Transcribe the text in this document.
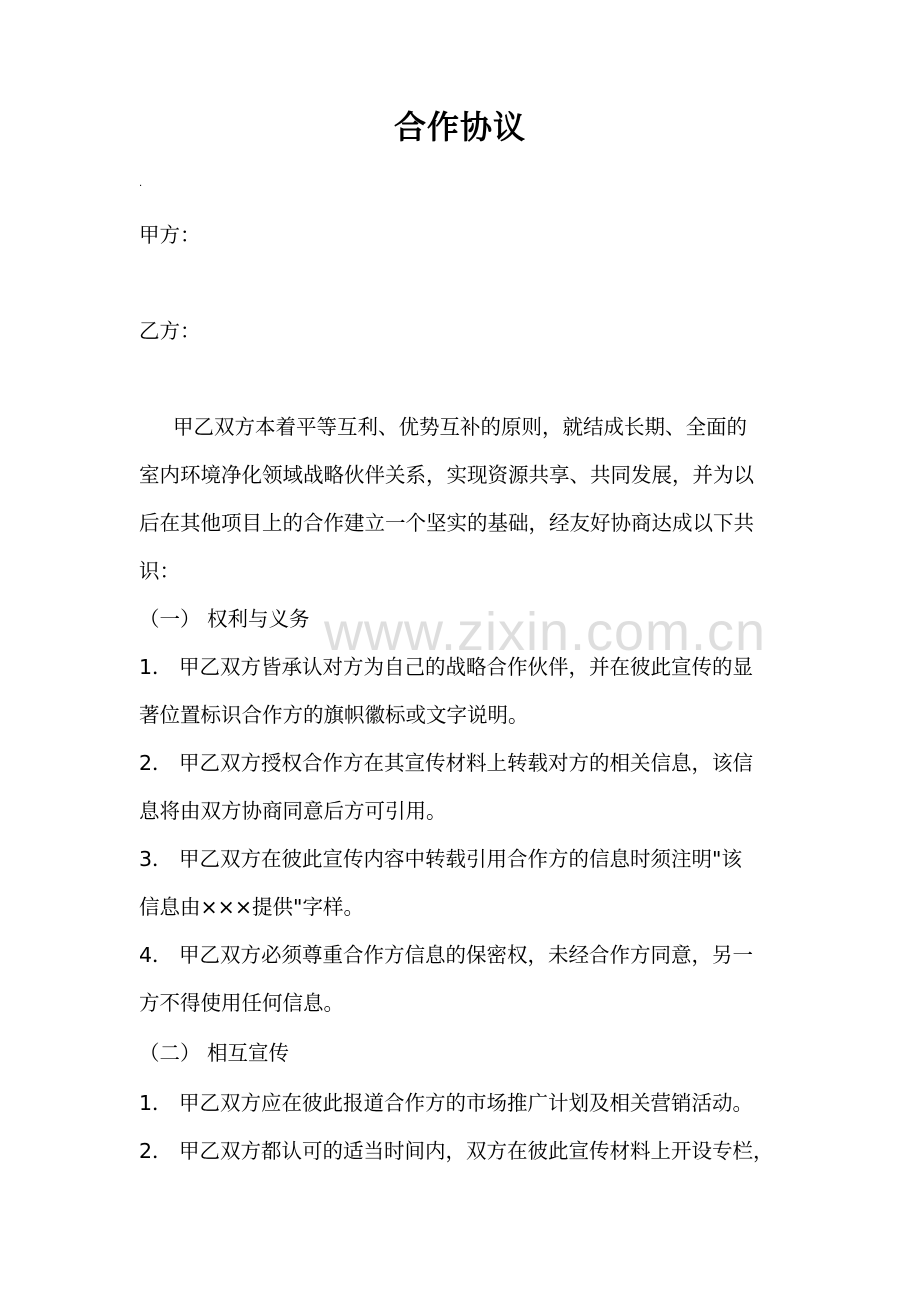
合作协议
.
甲方：
乙方：
甲乙双方本着平等互利、优势互补的原则，就结成长期、全面的
室内环境净化领域战略伙伴关系，实现资源共享、共同发展，并为以
后在其他项目上的合作建立一个坚实的基础，经友好协商达成以下共
识：
（一） 权利与义务
1． 甲乙双方皆承认对方为自己的战略合作伙伴，并在彼此宣传的显
著位置标识合作方的旗帜徽标或文字说明。
2． 甲乙双方授权合作方在其宣传材料上转载对方的相关信息，该信
息将由双方协商同意后方可引用。
3． 甲乙双方在彼此宣传内容中转载引用合作方的信息时须注明"该
信息由×××提供"字样。
4． 甲乙双方必须尊重合作方信息的保密权，未经合作方同意，另一
方不得使用任何信息。
（二） 相互宣传
1． 甲乙双方应在彼此报道合作方的市场推广计划及相关营销活动。
2． 甲乙双方都认可的适当时间内，双方在彼此宣传材料上开设专栏，
www.zixin.com.cn
